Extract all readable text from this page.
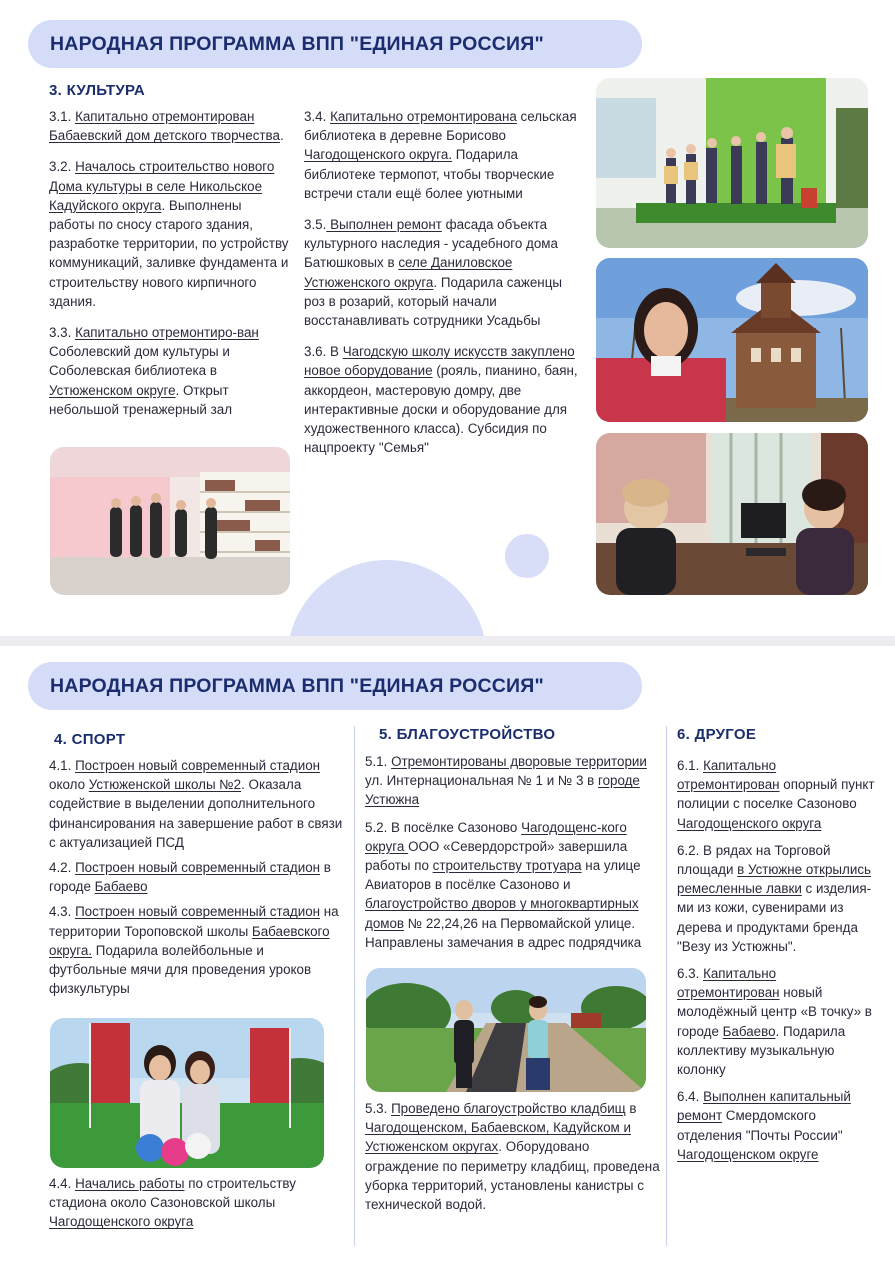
НАРОДНАЯ ПРОГРАММА ВПП "ЕДИНАЯ РОССИЯ"
3. КУЛЬТУРА

3.1. Капитально отремонтирован Бабаевский дом детского творчества.

3.2. Началось строительство нового Дома культуры в селе Никольское Кадуйского округа. Выполнены работы по сносу старого здания, разработке территории, по устройству коммуникаций, заливке фундамента и строительству нового кирпичного здания.

3.3. Капитально отремонтиро-ван Соболевский дом культуры и Соболевская библиотека в Устюженском округе. Открыт небольшой тренажерный зал

3.4. Капитально отремонтирована сельская библиотека в деревне Борисово Чагодощенского округа. Подарила библиотеке термопот, чтобы творческие встречи стали ещё более уютными

3.5. Выполнен ремонт фасада объекта культурного наследия - усадебного дома Батюшковых в селе Даниловское Устюженского округа. Подарила саженцы роз в розарий, который начали восстанавливать сотрудники Усадьбы

3.6. В Чагодскую школу искусств закуплено новое оборудование (рояль, пианино, баян, аккордеон, мастеровую домру, две интерактивные доски и оборудование для художественного класса). Субсидия по нацпроекту "Семья"

НАРОДНАЯ ПРОГРАММА ВПП "ЕДИНАЯ РОССИЯ"
4. СПОРТ

4.1. Построен новый современный стадион около Устюженской школы №2. Оказала содействие в выделении дополнительного финансирования на завершение работ в связи с актуализацией ПСД

4.2. Построен новый современный стадион в городе Бабаево

4.3. Построен новый современный стадион на территории Тороповской школы Бабаевского округа. Подарила волейбольные и футбольные мячи для проведения уроков физкультуры

4.4. Начались работы по строительству стадиона около Сазоновской школы Чагодощенского округа

5. БЛАГОУСТРОЙСТВО

5.1. Отремонтированы дворовые территории ул. Интернациональная № 1 и № 3 в городе Устюжна

5.2. В посёлке Сазоново Чагодощенс-кого округа ООО «Севердорстрой» завершила работы по строительству тротуара на улице Авиаторов в посёлке Сазоново и благоустройство дворов у многоквартирных домов № 22,24,26 на Первомайской улице. Направлены замечания в адрес подрядчика

5.3. Проведено благоустройство кладбищ в Чагодощенском, Бабаевском, Кадуйском и Устюженском округах. Оборудовано ограждение по периметру кладбищ, проведена уборка территорий, установлены канистры с технической водой.

6. ДРУГОЕ

6.1. Капитально отремонтирован опорный пункт полиции с поселке Сазоново Чагодощенского округа

6.2. В рядах на Торговой площади в Устюжне открылись ремесленные лавки с изделия-ми из кожи, сувенирами из дерева и продуктами бренда "Везу из Устюжны".

6.3. Капитально отремонтирован новый молодёжный центр «В точку» в городе Бабаево. Подарила коллективу музыкальную колонку

6.4. Выполнен капитальный ремонт Смердомского отделения "Почты России" Чагодощенском округе
